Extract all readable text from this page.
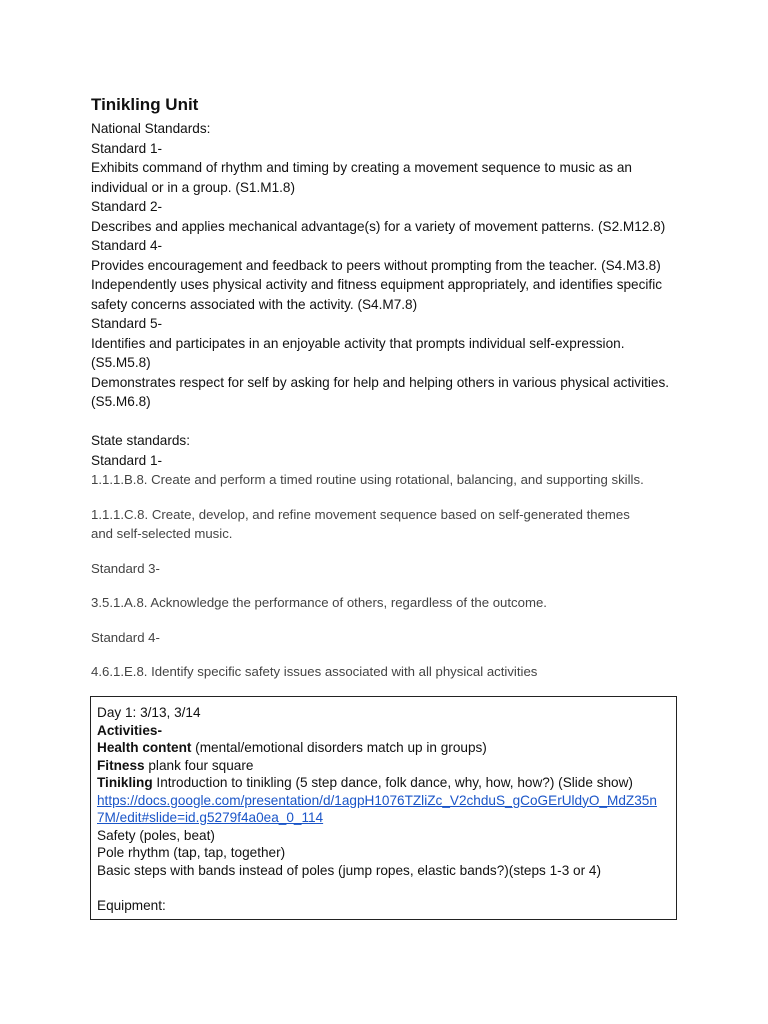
Tinikling Unit
National Standards:
Standard 1-
Exhibits command of rhythm and timing by creating a movement sequence to music as an
individual or in a group. (S1.M1.8)
Standard 2-
Describes and applies mechanical advantage(s) for a variety of movement patterns. (S2.M12.8)
Standard 4-
Provides encouragement and feedback to peers without prompting from the teacher. (S4.M3.8)
Independently uses physical activity and fitness equipment appropriately, and identifies specific
safety concerns associated with the activity. (S4.M7.8)
Standard 5-
Identifies and participates in an enjoyable activity that prompts individual self-expression.
(S5.M5.8)
Demonstrates respect for self by asking for help and helping others in various physical activities.
(S5.M6.8)
State standards:
Standard 1-
1.1.1.B.8. Create and perform a timed routine using rotational, balancing, and supporting skills.
1.1.1.C.8. Create, develop, and refine movement sequence based on self-generated themes
and self-selected music.
Standard 3-
3.5.1.A.8. Acknowledge the performance of others, regardless of the outcome.
Standard 4-
4.6.1.E.8. Identify specific safety issues associated with all physical activities
Day 1: 3/13, 3/14
Activities-
Health content (mental/emotional disorders match up in groups)
Fitness plank four square
Tinikling Introduction to tinikling (5 step dance, folk dance, why, how, how?) (Slide show)
https://docs.google.com/presentation/d/1agpH1076TZliZc_V2chduS_gCoGErUldyO_MdZ35n
7M/edit#slide=id.g5279f4a0ea_0_114
Safety (poles, beat)
Pole rhythm (tap, tap, together)
Basic steps with bands instead of poles (jump ropes, elastic bands?)(steps 1-3 or 4)

Equipment:
